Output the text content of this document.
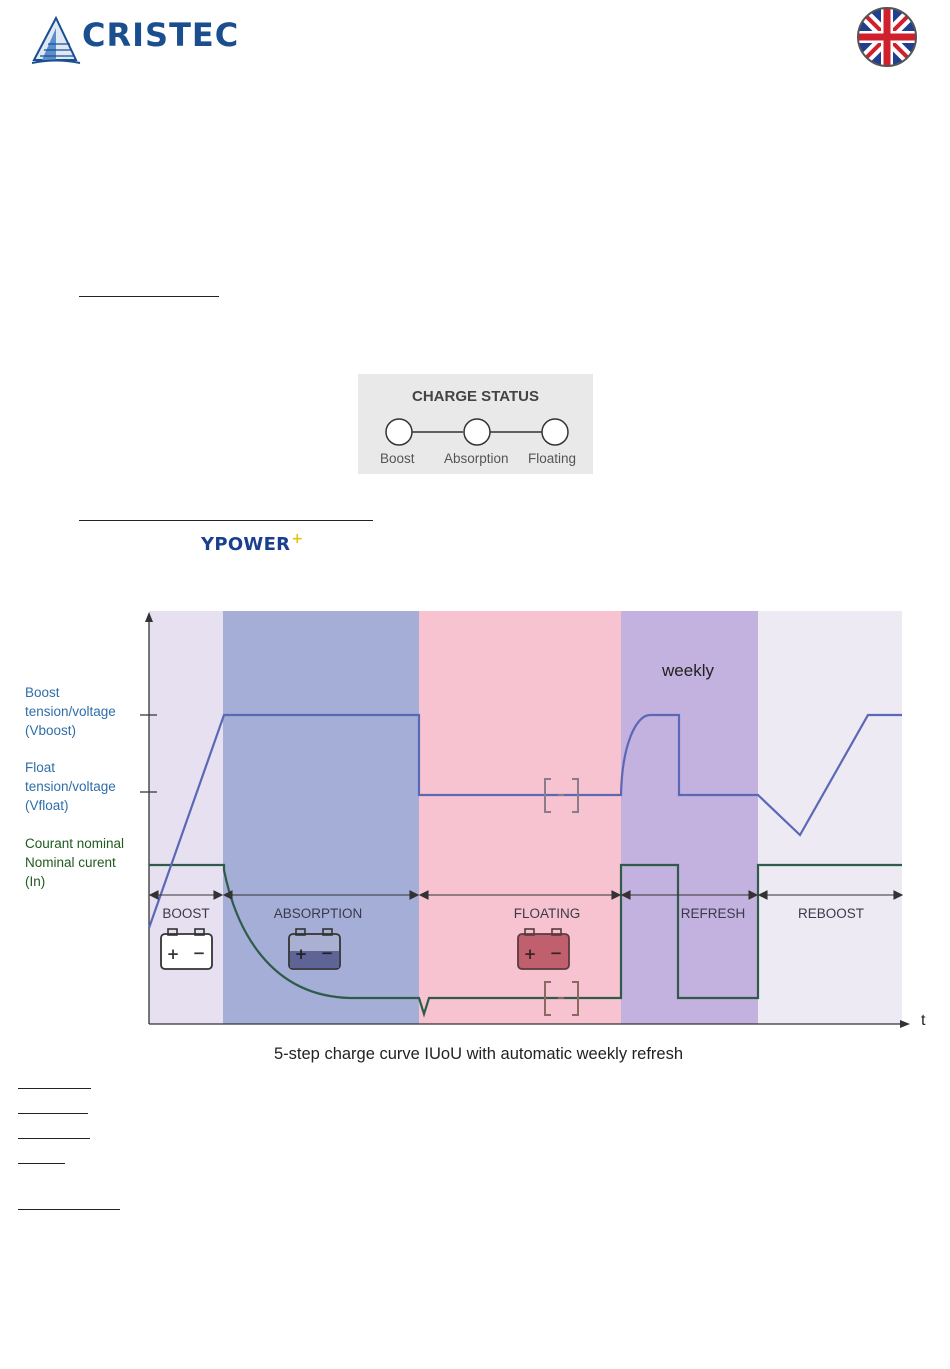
CRISTEC
CHARGE STATUS
Boost Absorption Floating
YPOWER+
BOOST	ABSORPTION	FLOATING	REFRESH	REBOOST
weekly
+ −	+ −	+ −
t
Boost
tension/voltage
(Vboost)
Float
tension/voltage
(Vfloat)
Courant nominal
Nominal curent
(In)
5-step charge curve IUoU with automatic weekly refresh
